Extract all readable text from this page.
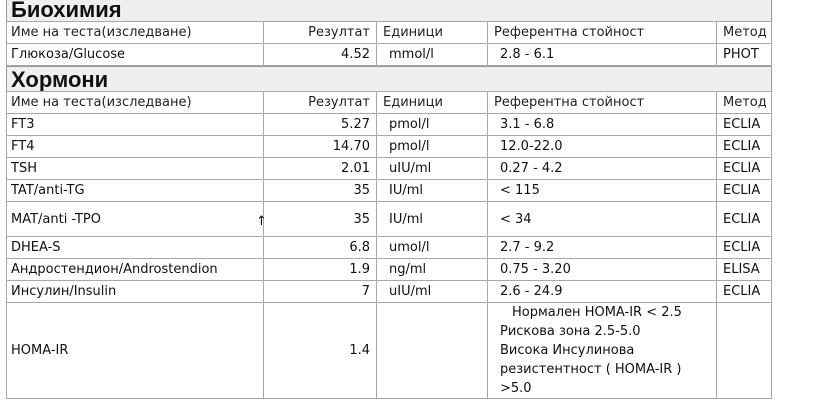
Биохимия
Име на теста(изследване)	Резултат	Единици	Референтна стойност	Метод
Глюкоза/Glucose	4.52	mmol/l	2.8 - 6.1	PHOT
Хормони
Име на теста(изследване)	Резултат	Единици	Референтна стойност	Метод
FT3	5.27	pmol/l	3.1 - 6.8	ECLIA
FT4	14.70	pmol/l	12.0-22.0	ECLIA
TSH	2.01	uIU/ml	0.27 - 4.2	ECLIA
TAT/anti-TG	35	IU/ml	< 115	ECLIA
MAT/anti -TPO	35	IU/ml	< 34	ECLIA
DHEA-S	6.8	umol/l	2.7 - 9.2	ECLIA
Андростендион/Androstendion	1.9	ng/ml	0.75 - 3.20	ELISA
Инсулин/Insulin	7	uIU/ml	2.6 - 24.9	ECLIA
HOMA-IR	1.4		Нормален HOMA-IR < 2.5
Рискова зона 2.5-5.0
Висока Инсулинова
резистентност ( HOMA-IR )
>5.0	

↑
